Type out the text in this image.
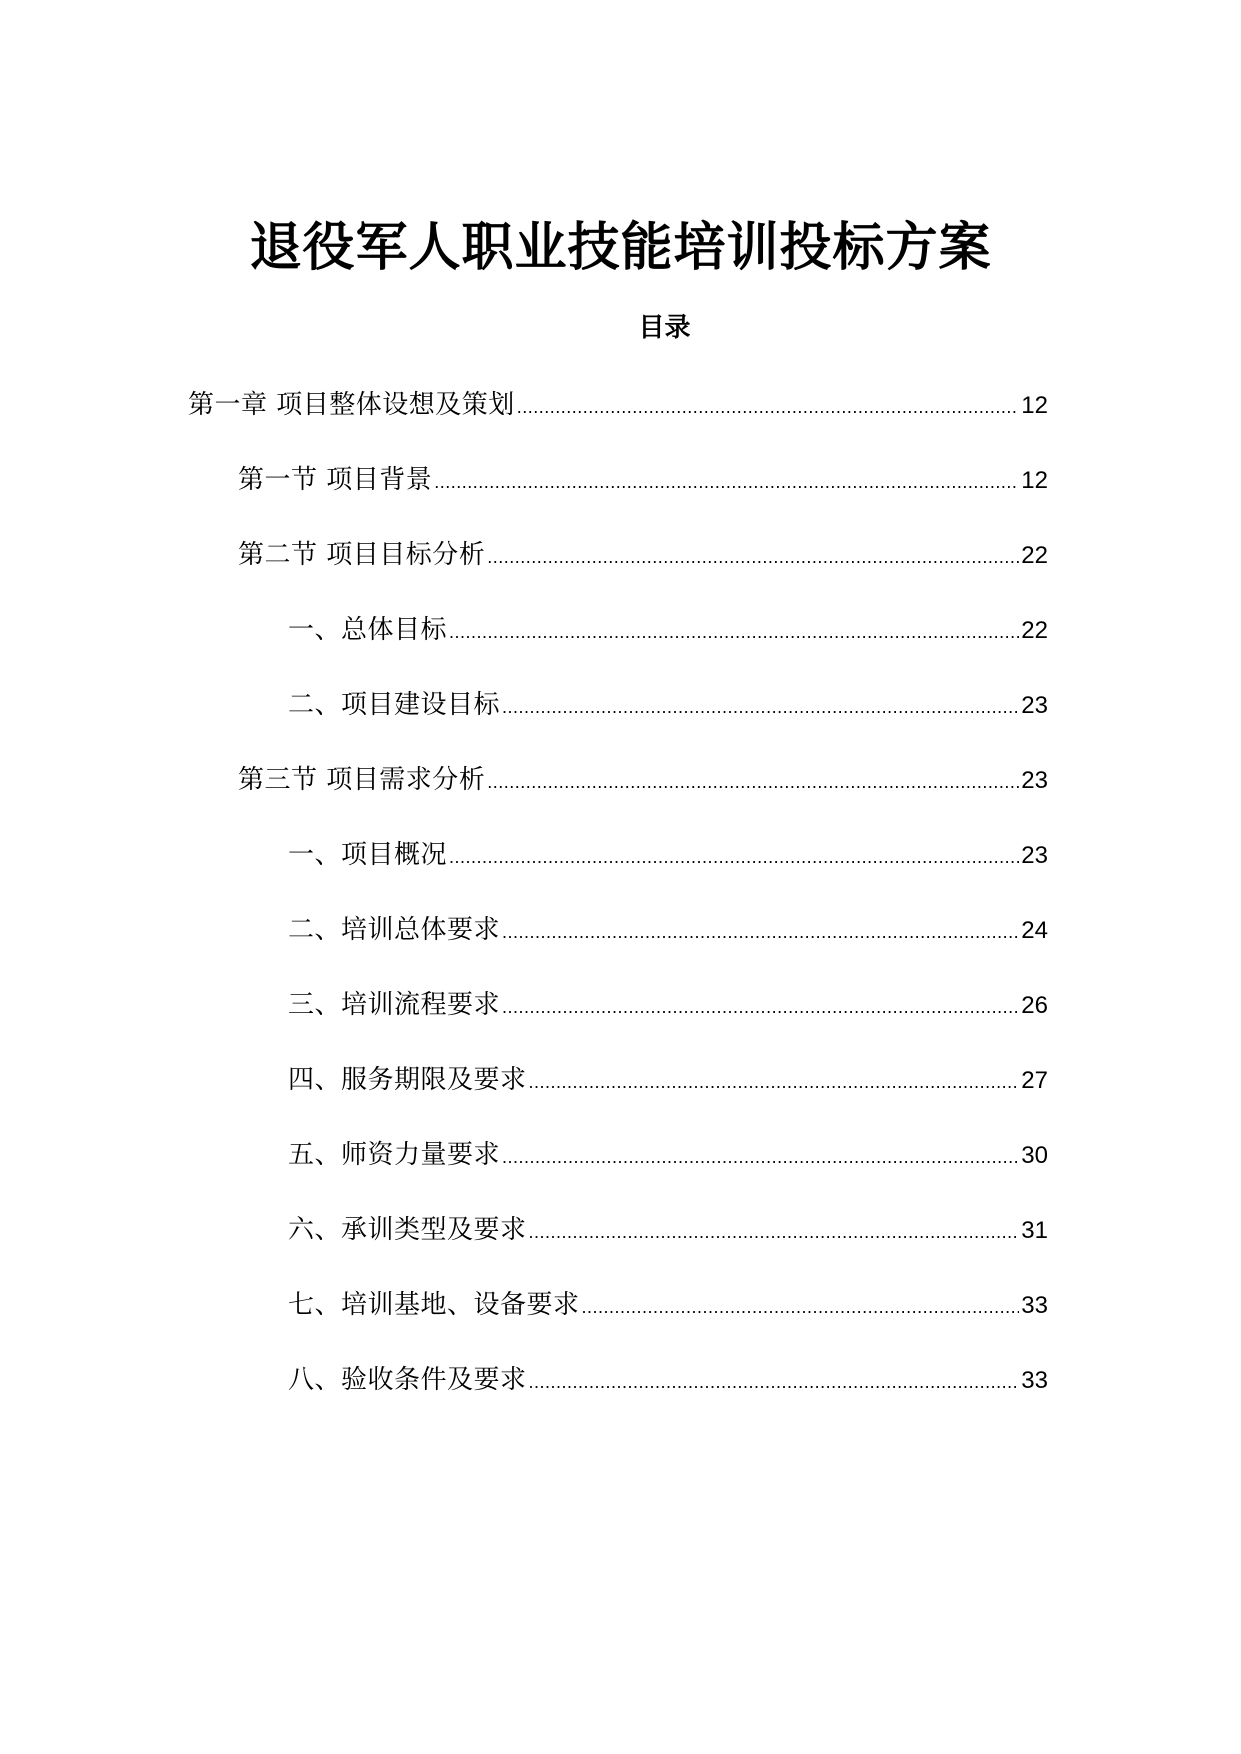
退役军人职业技能培训投标方案
目录
第一章 项目整体设想及策划 .....	12
第一节 项目背景 .....	12
第二节 项目目标分析 .....	22
一、总体目标 .....	22
二、项目建设目标 .....	23
第三节 项目需求分析 .....	23
一、项目概况 .....	23
二、培训总体要求 .....	24
三、培训流程要求 .....	26
四、服务期限及要求 .....	27
五、师资力量要求 .....	30
六、承训类型及要求 .....	31
七、培训基地、设备要求 .....	33
八、验收条件及要求 .....	33
